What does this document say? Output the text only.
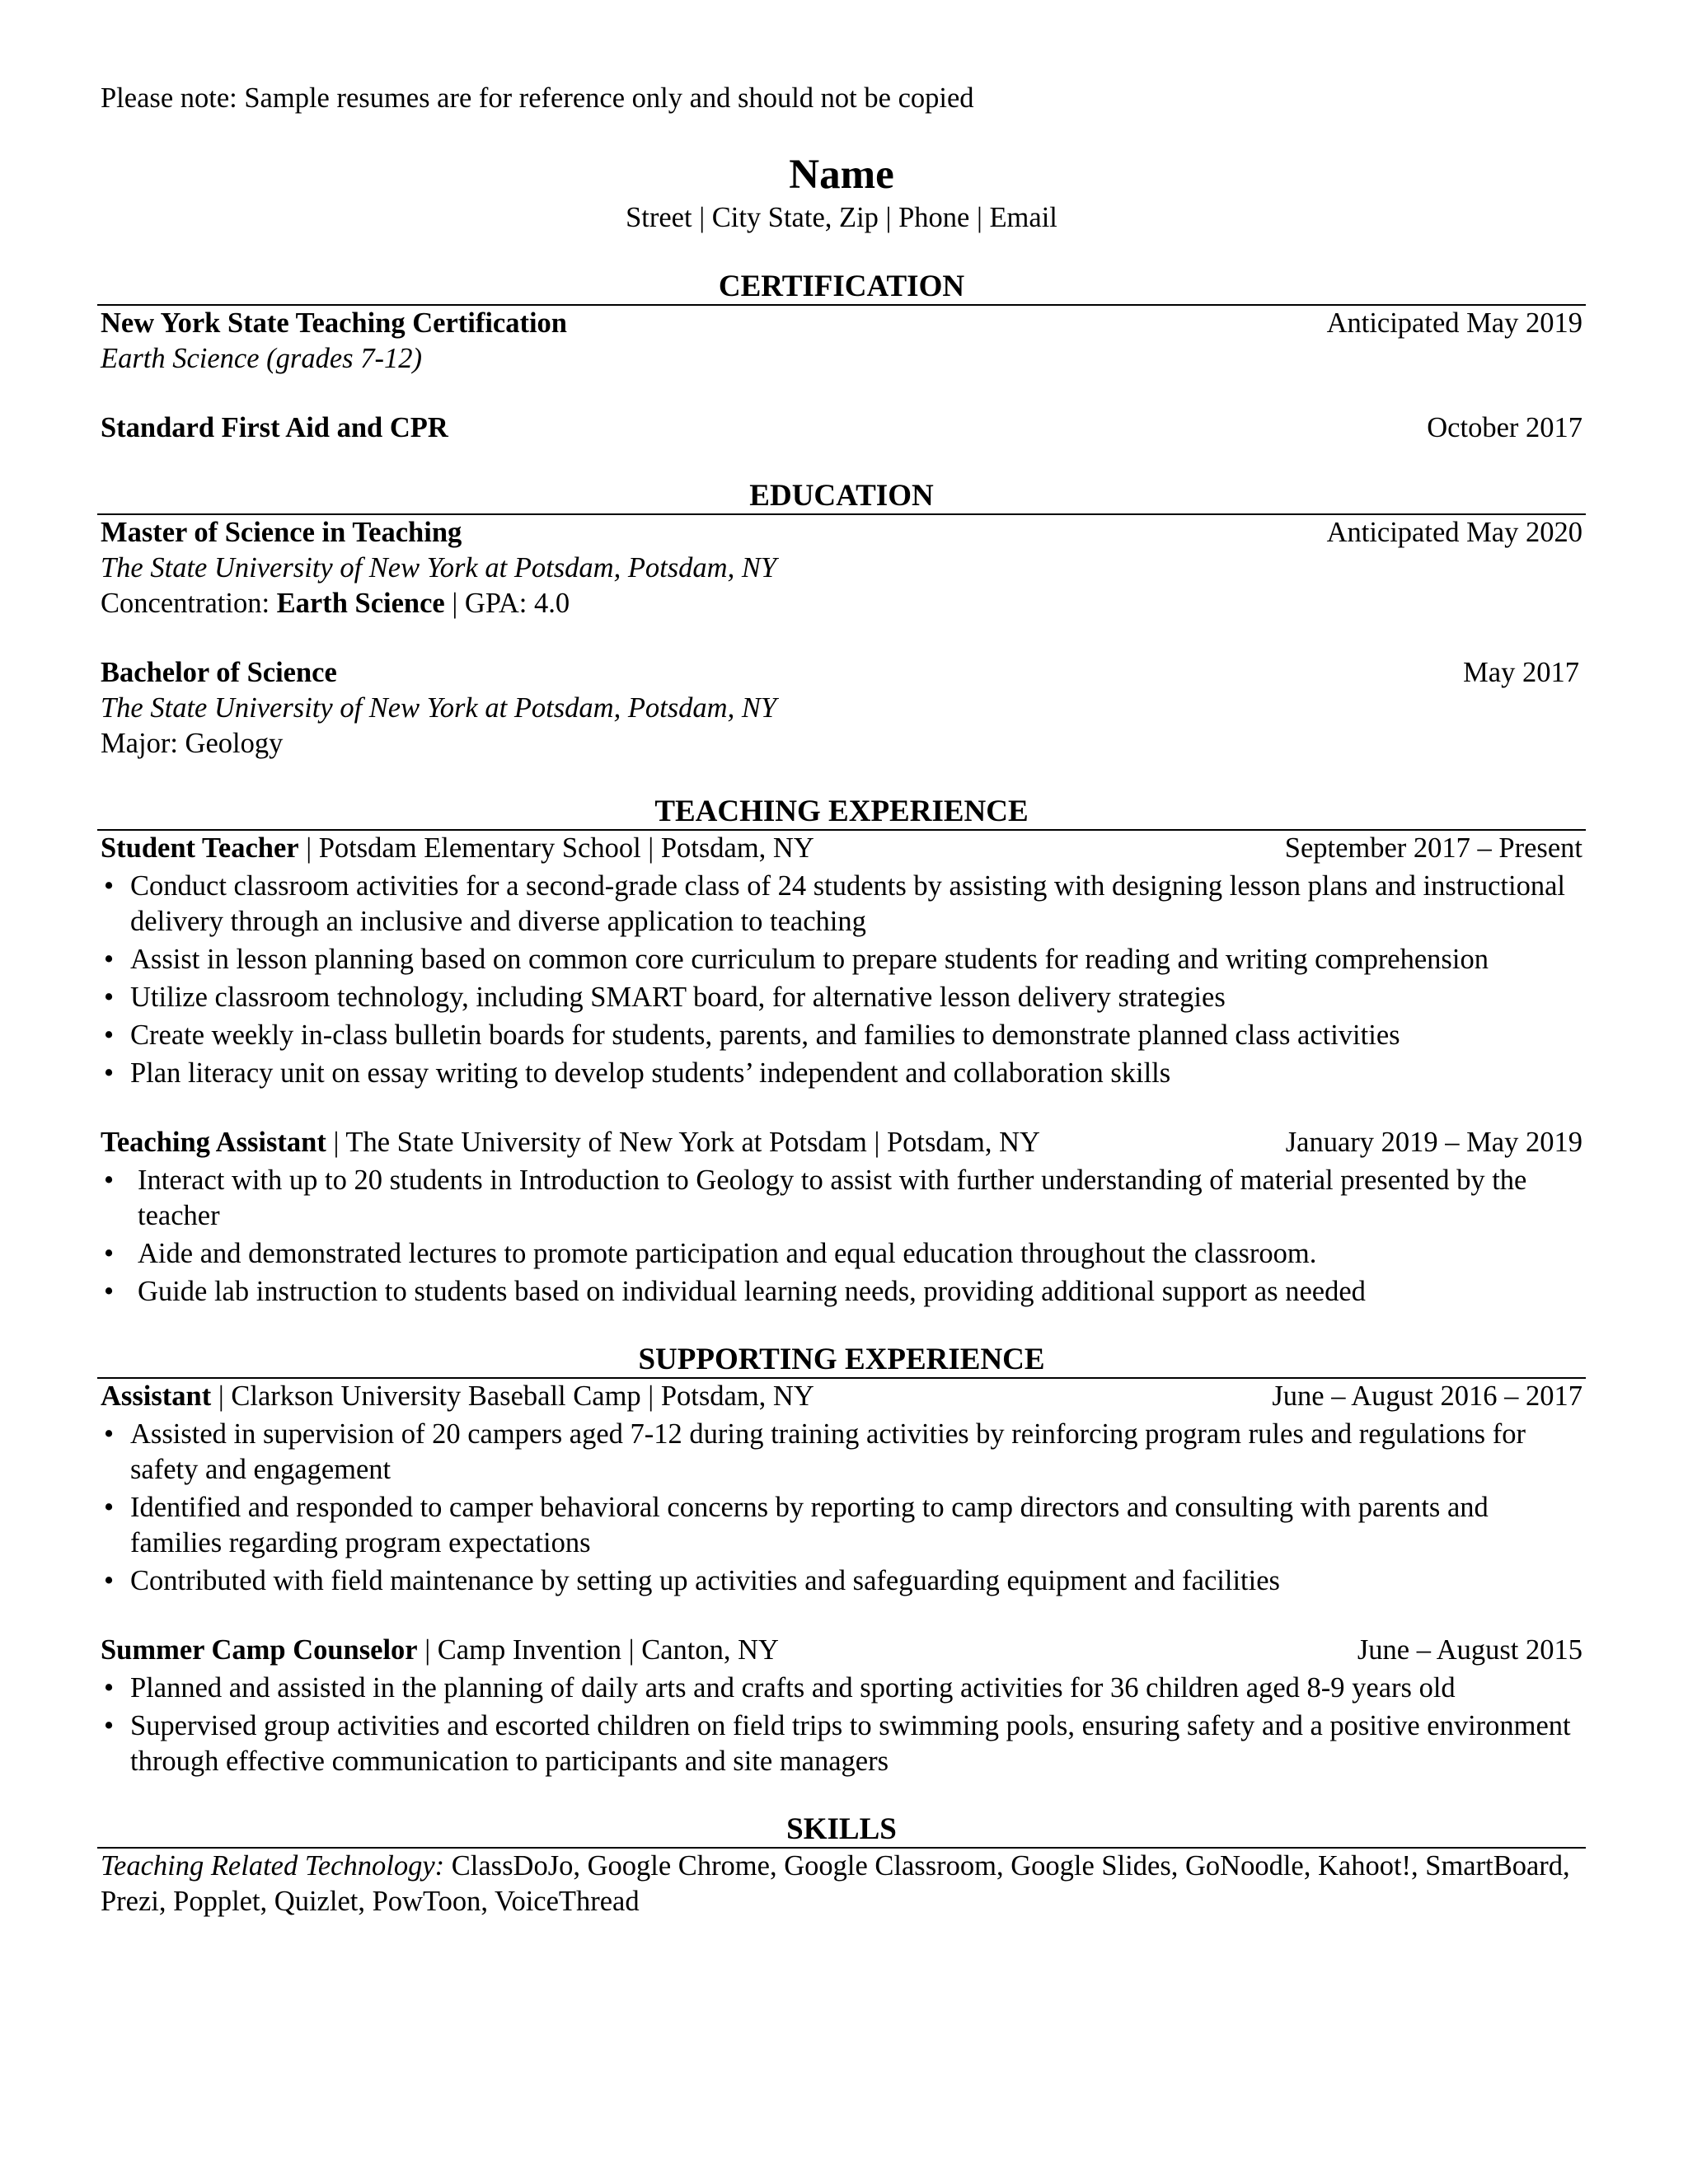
Please note: Sample resumes are for reference only and should not be copied

Name

Street | City State, Zip | Phone | Email

CERTIFICATION
New York State Teaching Certification	Anticipated May 2019

Earth Science (grades 7-12)

Standard First Aid and CPR	October 2017
EDUCATION
Master of Science in Teaching	Anticipated May 2020

The State University of New York at Potsdam, Potsdam, NY

Concentration: Earth Science | GPA: 4.0

Bachelor of Science	May 2017

The State University of New York at Potsdam, Potsdam, NY

Major: Geology

TEACHING EXPERIENCE
Student Teacher | Potsdam Elementary School | Potsdam, NY	September 2017 – Present
• Conduct classroom activities for a second-grade class of 24 students by assisting with designing lesson plans and instructional delivery through an inclusive and diverse application to teaching
• Assist in lesson planning based on common core curriculum to prepare students for reading and writing comprehension
• Utilize classroom technology, including SMART board, for alternative lesson delivery strategies
• Create weekly in-class bulletin boards for students, parents, and families to demonstrate planned class activities
• Plan literacy unit on essay writing to develop students’ independent and collaboration skills
Teaching Assistant | The State University of New York at Potsdam | Potsdam, NY	January 2019 – May 2019
• Interact with up to 20 students in Introduction to Geology to assist with further understanding of material presented by the teacher
• Aide and demonstrated lectures to promote participation and equal education throughout the classroom.
• Guide lab instruction to students based on individual learning needs, providing additional support as needed
SUPPORTING EXPERIENCE
Assistant | Clarkson University Baseball Camp | Potsdam, NY	June – August 2016 – 2017
• Assisted in supervision of 20 campers aged 7-12 during training activities by reinforcing program rules and regulations for safety and engagement
• Identified and responded to camper behavioral concerns by reporting to camp directors and consulting with parents and families regarding program expectations
• Contributed with field maintenance by setting up activities and safeguarding equipment and facilities
Summer Camp Counselor | Camp Invention | Canton, NY	June – August 2015
• Planned and assisted in the planning of daily arts and crafts and sporting activities for 36 children aged 8-9 years old
• Supervised group activities and escorted children on field trips to swimming pools, ensuring safety and a positive environment through effective communication to participants and site managers
SKILLS

Teaching Related Technology: ClassDoJo, Google Chrome, Google Classroom, Google Slides, GoNoodle, Kahoot!, SmartBoard, Prezi, Popplet, Quizlet, PowToon, VoiceThread
